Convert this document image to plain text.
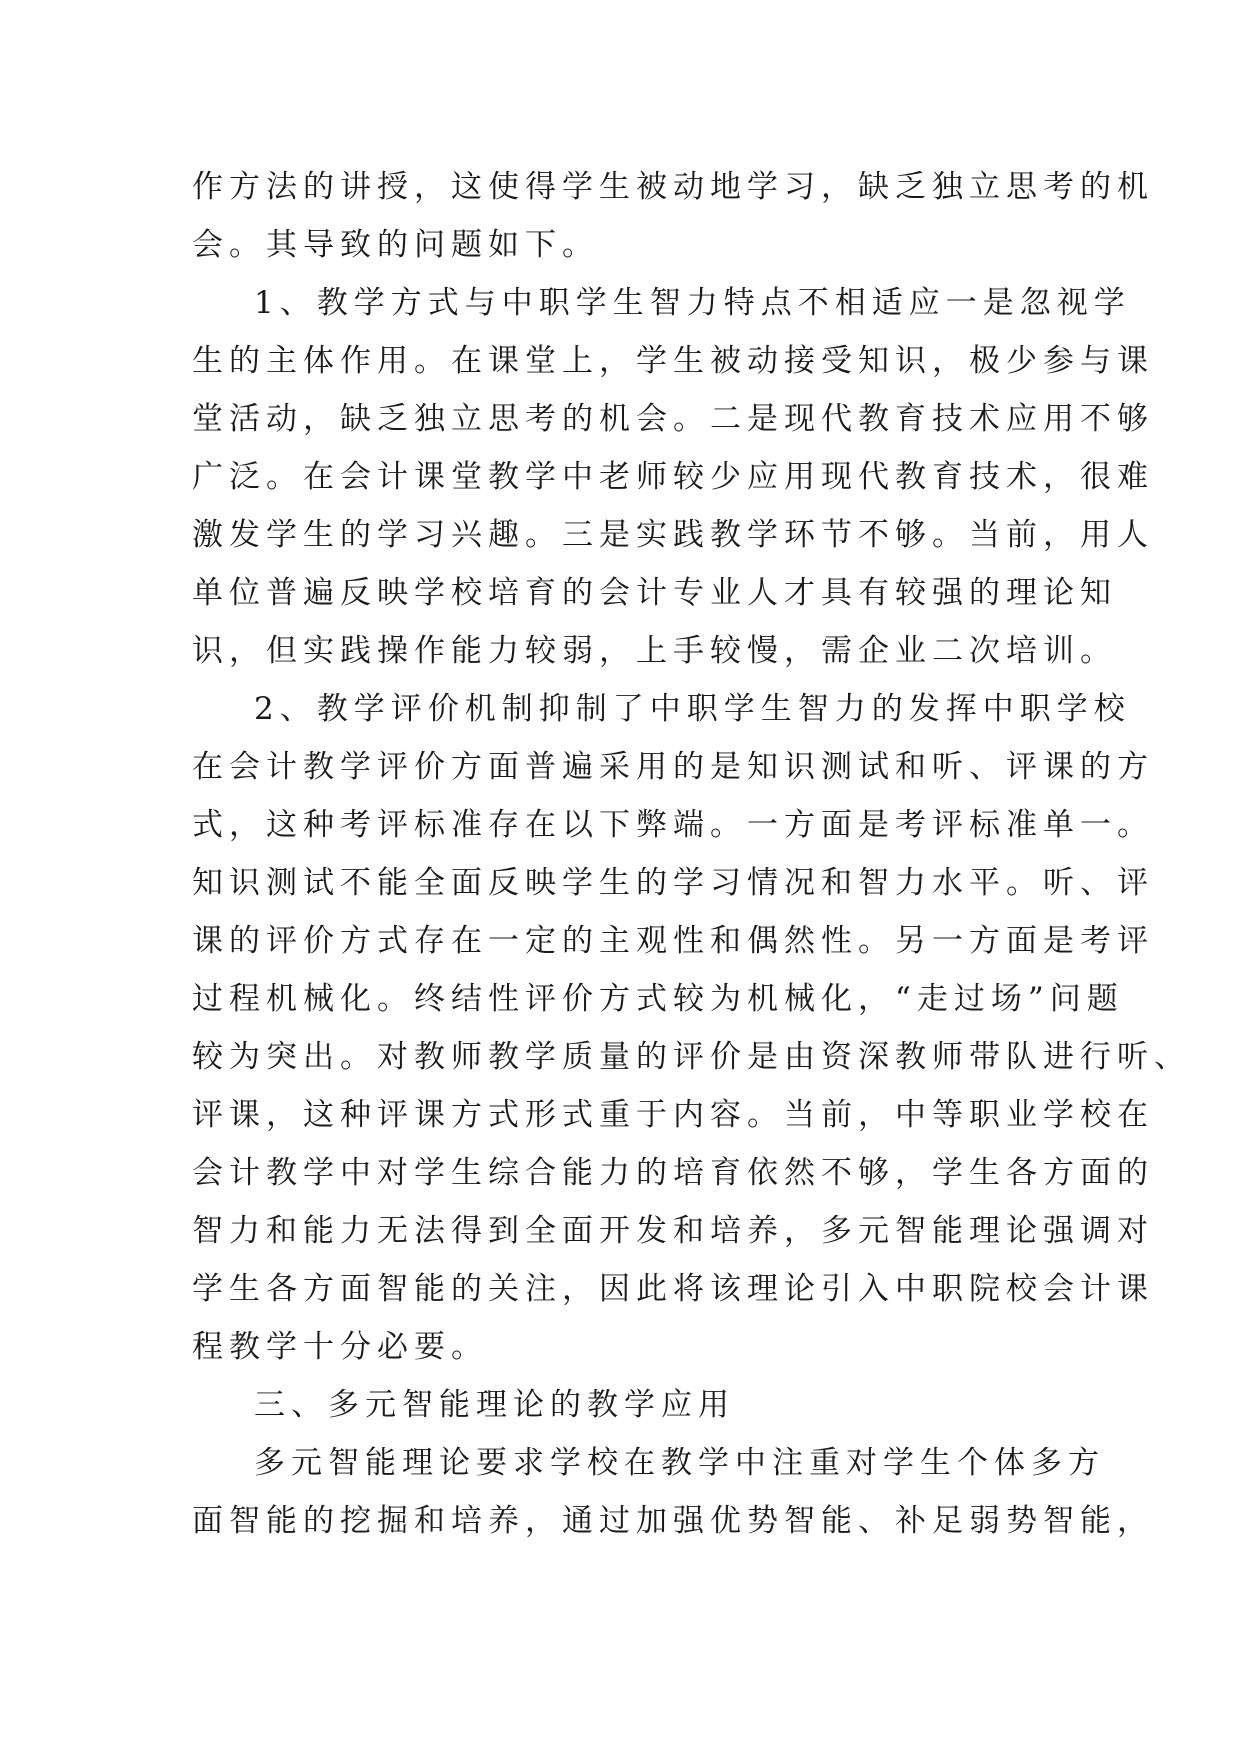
作方法的讲授，这使得学生被动地学习，缺乏独立思考的机
会。其导致的问题如下。
1、教学方式与中职学生智力特点不相适应一是忽视学
生的主体作用。在课堂上，学生被动接受知识，极少参与课
堂活动，缺乏独立思考的机会。二是现代教育技术应用不够
广泛。在会计课堂教学中老师较少应用现代教育技术，很难
激发学生的学习兴趣。三是实践教学环节不够。当前，用人
单位普遍反映学校培育的会计专业人才具有较强的理论知
识，但实践操作能力较弱，上手较慢，需企业二次培训。
2、教学评价机制抑制了中职学生智力的发挥中职学校
在会计教学评价方面普遍采用的是知识测试和听、评课的方
式，这种考评标准存在以下弊端。一方面是考评标准单一。
知识测试不能全面反映学生的学习情况和智力水平。听、评
课的评价方式存在一定的主观性和偶然性。另一方面是考评
过程机械化。终结性评价方式较为机械化，“走过场”问题
较为突出。对教师教学质量的评价是由资深教师带队进行听、
评课，这种评课方式形式重于内容。当前，中等职业学校在
会计教学中对学生综合能力的培育依然不够，学生各方面的
智力和能力无法得到全面开发和培养，多元智能理论强调对
学生各方面智能的关注，因此将该理论引入中职院校会计课
程教学十分必要。
三、多元智能理论的教学应用
多元智能理论要求学校在教学中注重对学生个体多方
面智能的挖掘和培养，通过加强优势智能、补足弱势智能，
